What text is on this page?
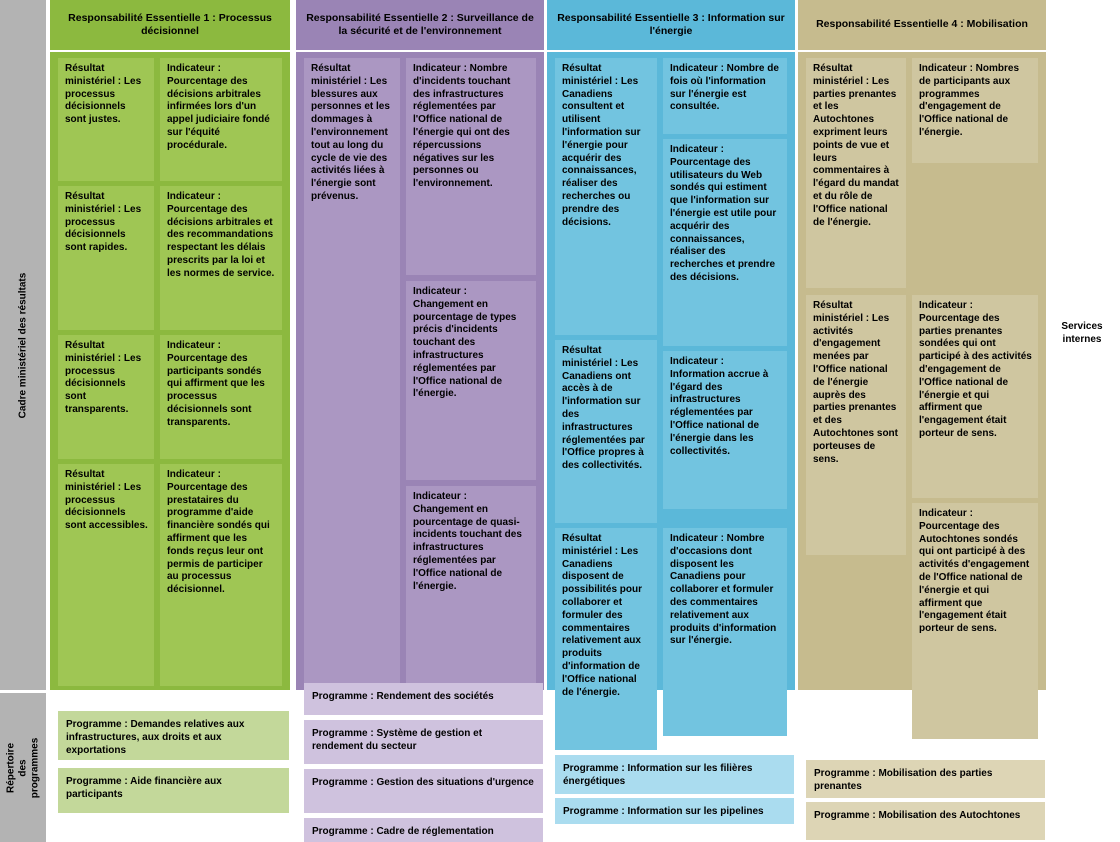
Cadre ministériel des résultats
Répertoire des programmes
Responsabilité Essentielle 1 : Processus décisionnel
Résultat ministériel : Les processus décisionnels sont justes.
Indicateur : Pourcentage des décisions arbitrales infirmées lors d'un appel judiciaire fondé sur l'équité procédurale.
Résultat ministériel : Les processus décisionnels sont rapides.
Indicateur : Pourcentage des décisions arbitrales et des recommandations respectant les délais prescrits par la loi et les normes de service.
Résultat ministériel : Les processus décisionnels sont transparents.
Indicateur : Pourcentage des participants sondés qui affirment que les processus décisionnels sont transparents.
Résultat ministériel : Les processus décisionnels sont accessibles.
Indicateur : Pourcentage des prestataires du programme d'aide financière sondés qui affirment que les fonds reçus leur ont permis de participer au processus décisionnel.
Programme : Demandes relatives aux infrastructures, aux droits et aux exportations
Programme : Aide financière aux participants
Responsabilité Essentielle 2 : Surveillance de la sécurité et de l'environnement
Résultat ministériel : Les blessures aux personnes et les dommages à l'environnement tout au long du cycle de vie des activités liées à l'énergie sont prévenus.
Indicateur : Nombre d'incidents touchant des infrastructures réglementées par l'Office national de l'énergie qui ont des répercussions négatives sur les personnes ou l'environnement.
Indicateur : Changement en pourcentage de types précis d'incidents touchant des infrastructures réglementées par l'Office national de l'énergie.
Indicateur : Changement en pourcentage de quasi-incidents touchant des infrastructures réglementées par l'Office national de l'énergie.
Programme : Rendement des sociétés
Programme : Système de gestion et rendement du secteur
Programme : Gestion des situations d'urgence
Programme : Cadre de réglementation
Responsabilité Essentielle 3 : Information sur l'énergie
Résultat ministériel : Les Canadiens consultent et utilisent l'information sur l'énergie pour acquérir des connaissances, réaliser des recherches ou prendre des décisions.
Résultat ministériel : Les Canadiens ont accès à de l'information sur des infrastructures réglementées par l'Office propres à des collectivités.
Résultat ministériel : Les Canadiens disposent de possibilités pour collaborer et formuler des commentaires relativement aux produits d'information de l'Office national de l'énergie.
Indicateur : Nombre de fois où l'information sur l'énergie est consultée.
Indicateur : Pourcentage des utilisateurs du Web sondés qui estiment que l'information sur l'énergie est utile pour acquérir des connaissances, réaliser des recherches et prendre des décisions.
Indicateur : Information accrue à l'égard des infrastructures réglementées par l'Office national de l'énergie dans les collectivités.
Indicateur : Nombre d'occasions dont disposent les Canadiens pour collaborer et formuler des commentaires relativement aux produits d'information sur l'énergie.
Programme : Information sur les filières énergétiques
Programme : Information sur les pipelines
Responsabilité Essentielle 4 : Mobilisation
Résultat ministériel : Les parties prenantes et les Autochtones expriment leurs points de vue et leurs commentaires à l'égard du mandat et du rôle de l'Office national de l'énergie.
Résultat ministériel : Les activités d'engagement menées par l'Office national de l'énergie auprès des parties prenantes et des Autochtones sont porteuses de sens.
Indicateur : Nombres de participants aux programmes d'engagement de l'Office national de l'énergie.
Indicateur : Pourcentage des parties prenantes sondées qui ont participé à des activités d'engagement de l'Office national de l'énergie et qui affirment que l'engagement était porteur de sens.
Indicateur : Pourcentage des Autochtones sondés qui ont participé à des activités d'engagement de l'Office national de l'énergie et qui affirment que l'engagement était porteur de sens.
Programme : Mobilisation des parties prenantes
Programme : Mobilisation des Autochtones
Services internes
